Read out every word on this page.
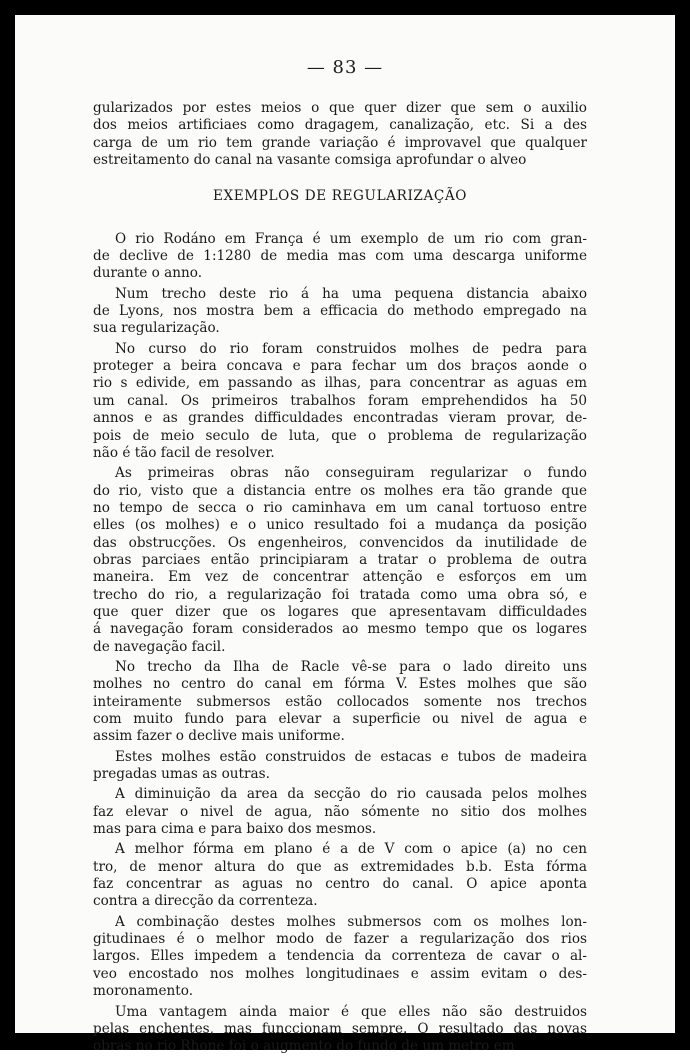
— 83 —
gularizados por estes meios o que quer dizer que sem o auxilio
dos meios artificiaes como dragagem, canalização, etc. Si a des
carga de um rio tem grande variação é improvavel que qualquer
estreitamento do canal na vasante comsiga aprofundar o alveo
EXEMPLOS DE REGULARIZAÇÃO
O rio Rodáno em França é um exemplo de um rio com gran-
de declive de 1:1280 de media mas com uma descarga uniforme
durante o anno.
Num trecho deste rio á ha uma pequena distancia abaixo
de Lyons, nos mostra bem a efficacia do methodo empregado na
sua regularização.
No curso do rio foram construidos molhes de pedra para
proteger a beira concava e para fechar um dos braços aonde o
rio s edivide, em passando as ilhas, para concentrar as aguas em
um canal. Os primeiros trabalhos foram emprehendidos ha 50
annos e as grandes difficuldades encontradas vieram provar, de-
pois de meio seculo de luta, que o problema de regularização
não é tão facil de resolver.
As primeiras obras não conseguiram regularizar o fundo
do rio, visto que a distancia entre os molhes era tão grande que
no tempo de secca o rio caminhava em um canal tortuoso entre
elles (os molhes) e o unico resultado foi a mudança da posição
das obstrucções. Os engenheiros, convencidos da inutilidade de
obras parciaes então principiaram a tratar o problema de outra
maneira. Em vez de concentrar attenção e esforços em um
trecho do rio, a regularização foi tratada como uma obra só, e
que quer dizer que os logares que apresentavam difficuldades
á navegação foram considerados ao mesmo tempo que os logares
de navegação facil.
No trecho da Ilha de Racle vê-se para o lado direito uns
molhes no centro do canal em fórma V. Estes molhes que são
inteiramente submersos estão collocados somente nos trechos
com muito fundo para elevar a superficie ou nivel de agua e
assim fazer o declive mais uniforme.
Estes molhes estão construidos de estacas e tubos de madeira
pregadas umas as outras.
A diminuição da area da secção do rio causada pelos molhes
faz elevar o nivel de agua, não sómente no sitio dos molhes
mas para cima e para baixo dos mesmos.
A melhor fórma em plano é a de V com o apice (a) no cen
tro, de menor altura do que as extremidades b.b. Esta fórma
faz concentrar as aguas no centro do canal. O apice aponta
contra a direcção da correnteza.
A combinação destes molhes submersos com os molhes lon-
gitudinaes é o melhor modo de fazer a regularização dos rios
largos. Elles impedem a tendencia da correnteza de cavar o al-
veo encostado nos molhes longitudinaes e assim evitam o des-
moronamento.
Uma vantagem ainda maior é que elles não são destruidos
pelas enchentes, mas funccionam sempre. O resultado das novas
obras no rio Rhone foi o augmento do fundo de um metro em
